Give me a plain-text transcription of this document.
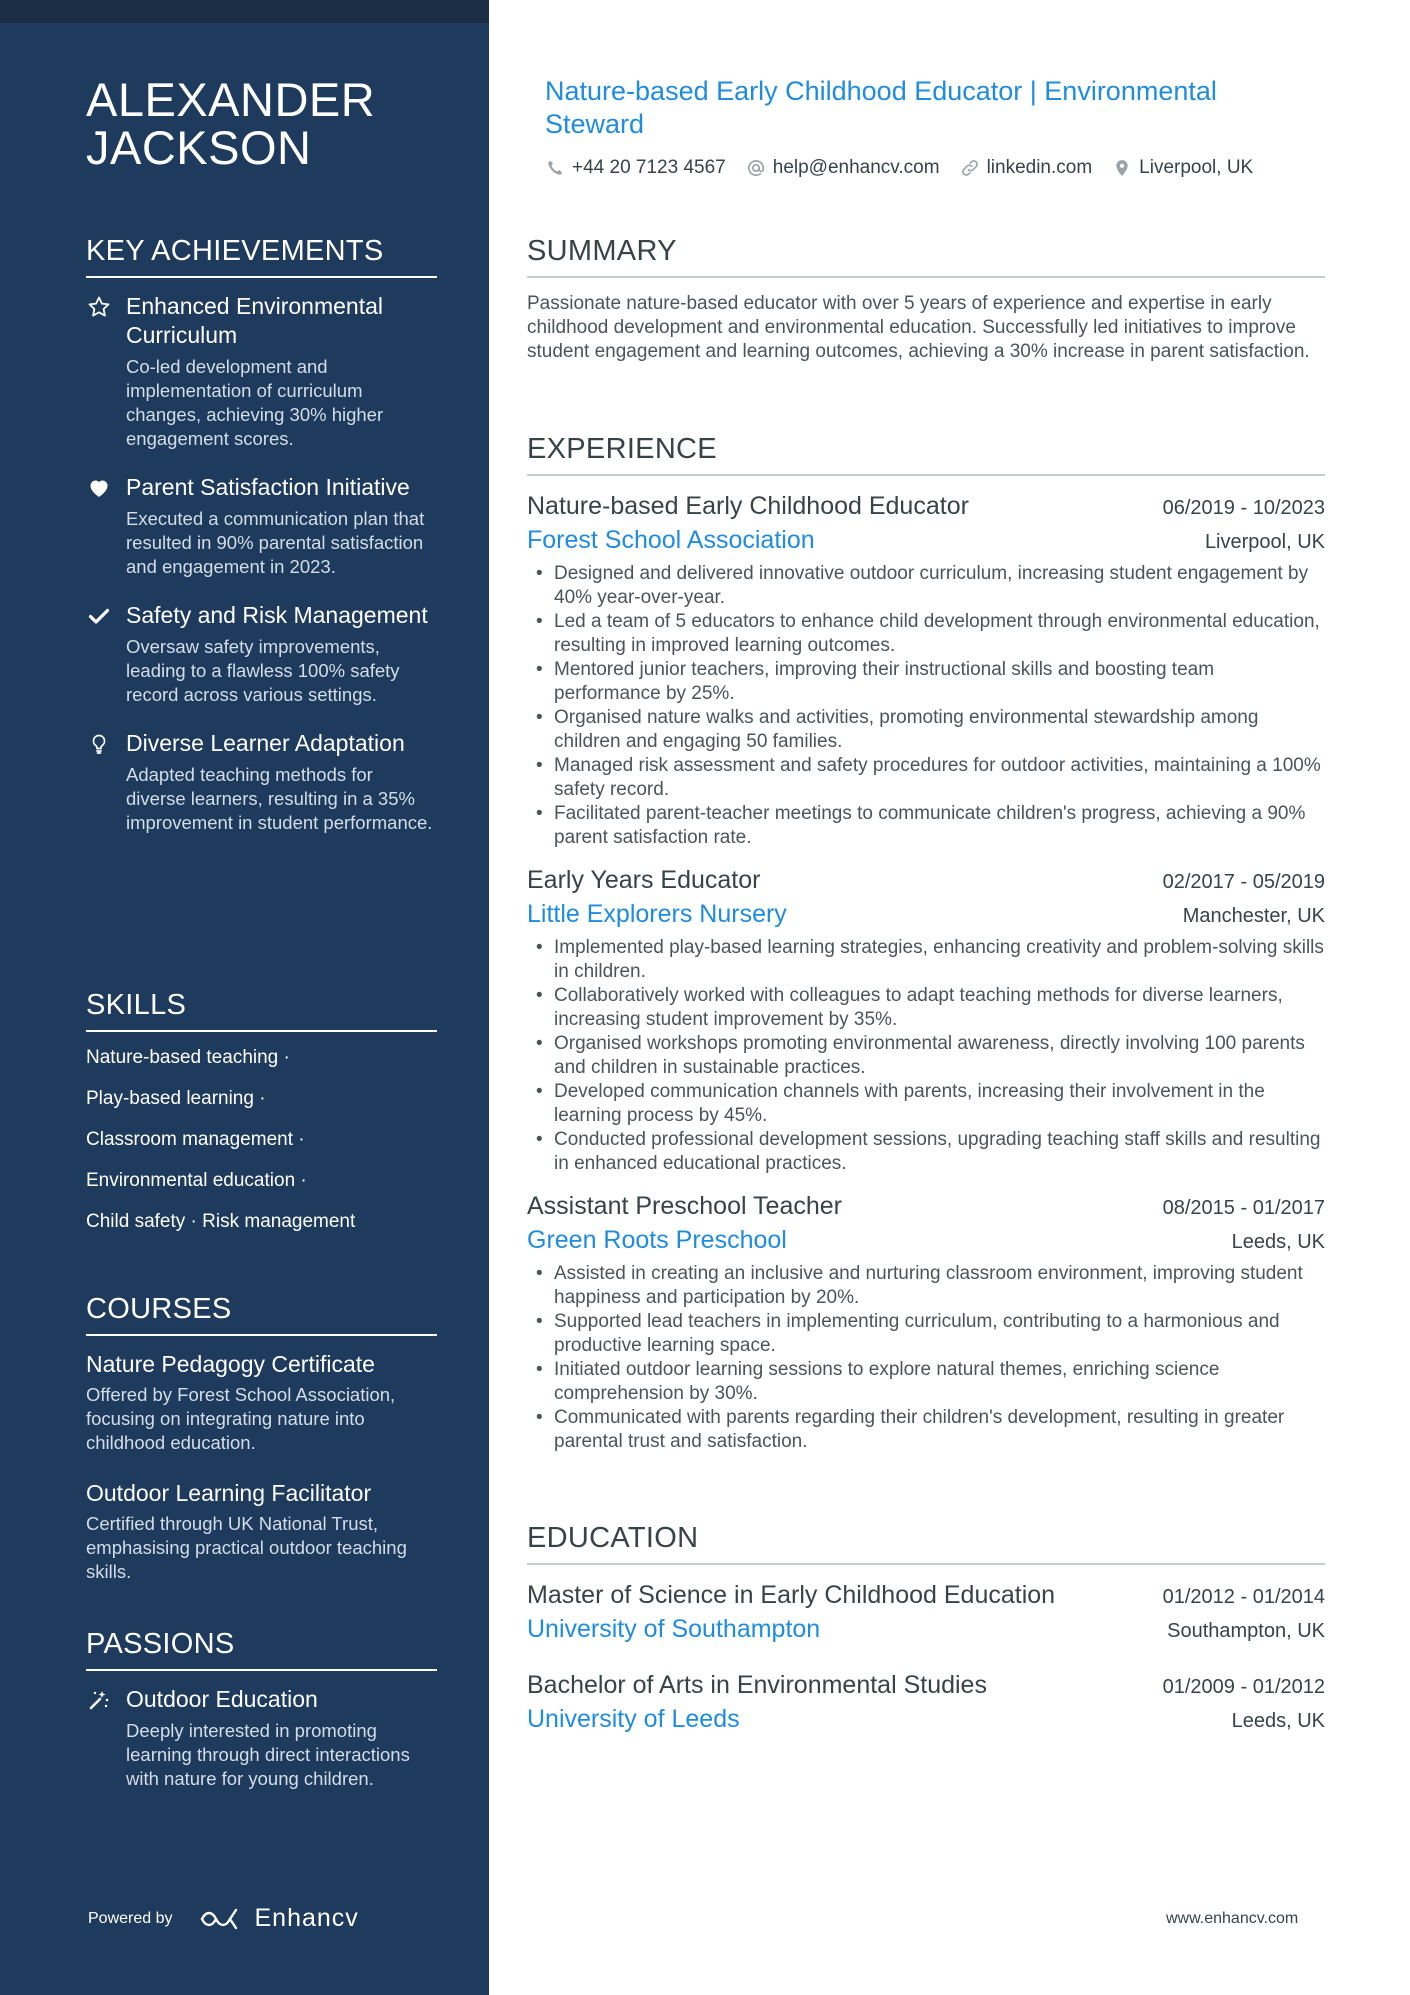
ALEXANDER JACKSON
KEY ACHIEVEMENTS
Enhanced Environmental Curriculum
Co-led development and implementation of curriculum changes, achieving 30% higher engagement scores.
Parent Satisfaction Initiative
Executed a communication plan that resulted in 90% parental satisfaction and engagement in 2023.
Safety and Risk Management
Oversaw safety improvements, leading to a flawless 100% safety record across various settings.
Diverse Learner Adaptation
Adapted teaching methods for diverse learners, resulting in a 35% improvement in student performance.
SKILLS
Nature-based teaching ·
Play-based learning ·
Classroom management ·
Environmental education ·
Child safety · Risk management
COURSES
Nature Pedagogy Certificate
Offered by Forest School Association, focusing on integrating nature into childhood education.
Outdoor Learning Facilitator
Certified through UK National Trust, emphasising practical outdoor teaching skills.
PASSIONS
Outdoor Education
Deeply interested in promoting learning through direct interactions with nature for young children.
Powered by	Enhancv
Nature-based Early Childhood Educator | Environmental Steward
+44 20 7123 4567 help@enhancv.com linkedin.com Liverpool, UK
SUMMARY
Passionate nature-based educator with over 5 years of experience and expertise in early childhood development and environmental education. Successfully led initiatives to improve student engagement and learning outcomes, achieving a 30% increase in parent satisfaction.
EXPERIENCE
Nature-based Early Childhood Educator	06/2019 - 10/2023
Forest School Association	Liverpool, UK
• Designed and delivered innovative outdoor curriculum, increasing student engagement by 40% year-over-year.
• Led a team of 5 educators to enhance child development through environmental education, resulting in improved learning outcomes.
• Mentored junior teachers, improving their instructional skills and boosting team performance by 25%.
• Organised nature walks and activities, promoting environmental stewardship among children and engaging 50 families.
• Managed risk assessment and safety procedures for outdoor activities, maintaining a 100% safety record.
• Facilitated parent-teacher meetings to communicate children's progress, achieving a 90% parent satisfaction rate.
Early Years Educator	02/2017 - 05/2019
Little Explorers Nursery	Manchester, UK
• Implemented play-based learning strategies, enhancing creativity and problem-solving skills in children.
• Collaboratively worked with colleagues to adapt teaching methods for diverse learners, increasing student improvement by 35%.
• Organised workshops promoting environmental awareness, directly involving 100 parents and children in sustainable practices.
• Developed communication channels with parents, increasing their involvement in the learning process by 45%.
• Conducted professional development sessions, upgrading teaching staff skills and resulting in enhanced educational practices.
Assistant Preschool Teacher	08/2015 - 01/2017
Green Roots Preschool	Leeds, UK
• Assisted in creating an inclusive and nurturing classroom environment, improving student happiness and participation by 20%.
• Supported lead teachers in implementing curriculum, contributing to a harmonious and productive learning space.
• Initiated outdoor learning sessions to explore natural themes, enriching science comprehension by 30%.
• Communicated with parents regarding their children's development, resulting in greater parental trust and satisfaction.
EDUCATION
Master of Science in Early Childhood Education	01/2012 - 01/2014
University of Southampton	Southampton, UK
Bachelor of Arts in Environmental Studies	01/2009 - 01/2012
University of Leeds	Leeds, UK
www.enhancv.com
